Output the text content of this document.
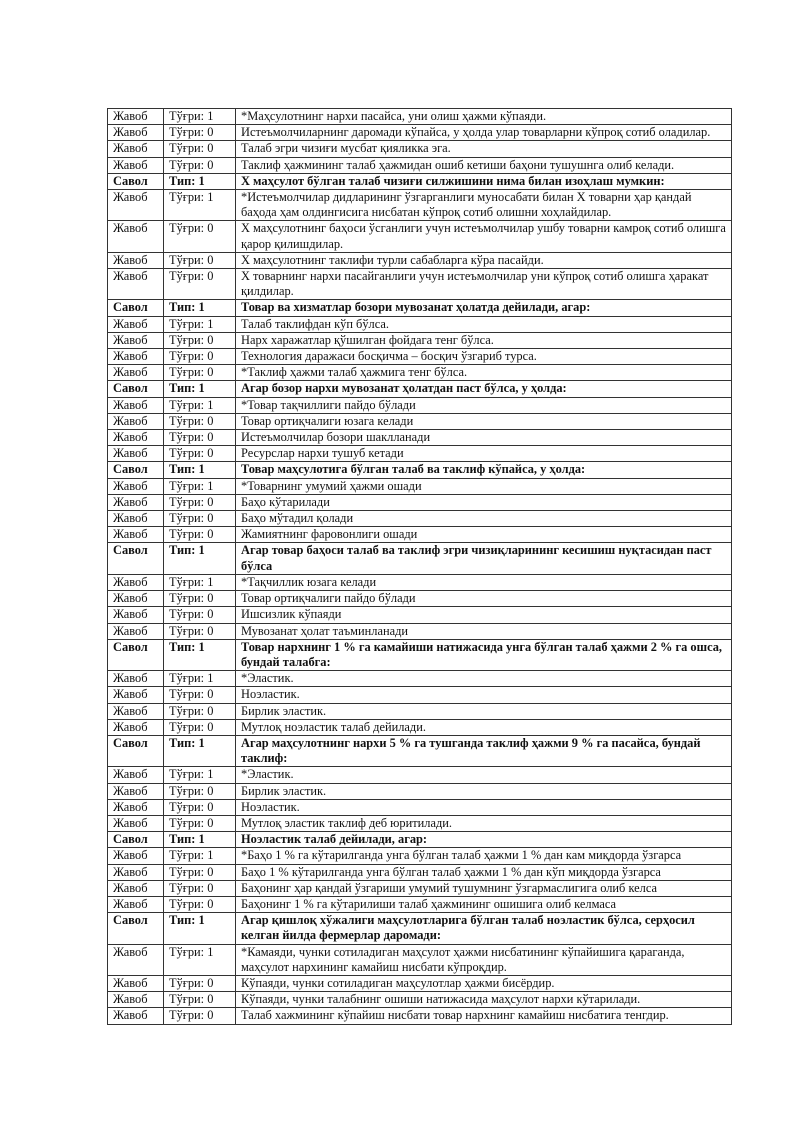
Жавоб	Тўғри: 1	*Маҳсулотнинг нархи пасайса, уни олиш ҳажми кўпаяди.
Жавоб	Тўғри: 0	Истеъмолчиларнинг даромади кўпайса, у ҳолда улар товарларни кўпроқ сотиб оладилар.
Жавоб	Тўғри: 0	Талаб эгри чизиғи мусбат қияликка эга.
Жавоб	Тўғри: 0	Таклиф ҳажмининг талаб ҳажмидан ошиб кетиши баҳони тушушнга олиб келади.
Савол	Тип: 1	Х маҳсулот бўлган талаб чизиғи силжишини нима билан изоҳлаш мумкин:
Жавоб	Тўғри: 1	*Истеъмолчилар дидларининг ўзгарганлиги муносабати билан Х товарни ҳар қандай баҳода ҳам олдингисига нисбатан кўпроқ сотиб олишни хоҳлайдилар.
Жавоб	Тўғри: 0	Х маҳсулотнинг баҳоси ўсганлиги учун истеъмолчилар ушбу товарни камроқ сотиб олишга қарор қилишдилар.
Жавоб	Тўғри: 0	Х маҳсулотнинг таклифи турли сабабларга кўра пасайди.
Жавоб	Тўғри: 0	Х товарнинг нархи пасайганлиги учун истеъмолчилар уни кўпроқ сотиб олишга ҳаракат қилдилар.
Савол	Тип: 1	Товар ва хизматлар бозори мувозанат ҳолатда дейилади, агар:
Жавоб	Тўғри: 1	Талаб таклифдан кўп бўлса.
Жавоб	Тўғри: 0	Нарх харажатлар қўшилган фойдага тенг бўлса.
Жавоб	Тўғри: 0	Технология даражаси босқичма – босқич ўзгариб турса.
Жавоб	Тўғри: 0	*Таклиф ҳажми талаб ҳажмига тенг бўлса.
Савол	Тип: 1	Агар бозор нархи мувозанат ҳолатдан паст бўлса, у ҳолда:
Жавоб	Тўғри: 1	*Товар тақчиллиги пайдо бўлади
Жавоб	Тўғри: 0	Товар ортиқчалиги юзага келади
Жавоб	Тўғри: 0	Истеъмолчилар бозори шаклланади
Жавоб	Тўғри: 0	Ресурслар нархи тушуб кетади
Савол	Тип: 1	Товар маҳсулотига бўлган талаб ва таклиф кўпайса, у ҳолда:
Жавоб	Тўғри: 1	*Товарнинг умумий ҳажми ошади
Жавоб	Тўғри: 0	Баҳо кўтарилади
Жавоб	Тўғри: 0	Баҳо мўтадил қолади
Жавоб	Тўғри: 0	Жамиятнинг фаровонлиги ошади
Савол	Тип: 1	Агар товар баҳоси талаб ва таклиф эгри чизиқларининг кесишиш нуқтасидан паст бўлса
Жавоб	Тўғри: 1	*Тақчиллик юзага келади
Жавоб	Тўғри: 0	Товар ортиқчалиги пайдо бўлади
Жавоб	Тўғри: 0	Ишсизлик кўпаяди
Жавоб	Тўғри: 0	Мувозанат ҳолат таъминланади
Савол	Тип: 1	Товар нархнинг 1 % га камайиши натижасида унга бўлган талаб ҳажми 2 % га ошса, бундай талабга:
Жавоб	Тўғри: 1	*Эластик.
Жавоб	Тўғри: 0	Ноэластик.
Жавоб	Тўғри: 0	Бирлик эластик.
Жавоб	Тўғри: 0	Мутлоқ ноэластик талаб дейилади.
Савол	Тип: 1	Агар маҳсулотнинг нархи 5 % га тушганда таклиф ҳажми 9 % га пасайса, бундай таклиф:
Жавоб	Тўғри: 1	*Эластик.
Жавоб	Тўғри: 0	Бирлик эластик.
Жавоб	Тўғри: 0	Ноэластик.
Жавоб	Тўғри: 0	Мутлоқ эластик таклиф деб юритилади.
Савол	Тип: 1	Ноэластик талаб дейилади, агар:
Жавоб	Тўғри: 1	*Баҳо 1 % га кўтарилганда унга бўлган талаб ҳажми 1 % дан кам миқдорда ўзгарса
Жавоб	Тўғри: 0	Баҳо 1 % кўтарилганда унга бўлган талаб ҳажми 1 % дан кўп миқдорда ўзгарса
Жавоб	Тўғри: 0	Баҳонинг ҳар қандай ўзгариши умумий тушумнинг ўзгармаслигига олиб келса
Жавоб	Тўғри: 0	Баҳонинг 1 % га кўтарилиши талаб ҳажмининг ошишига олиб келмаса
Савол	Тип: 1	Агар қишлоқ хўжалиги маҳсулотларига бўлган талаб ноэластик бўлса, серҳосил келган йилда фермерлар даромади:
Жавоб	Тўғри: 1	*Камаяди, чунки сотиладиган маҳсулот ҳажми нисбатининг кўпайишига қараганда, маҳсулот нархининг камайиш нисбати кўпроқдир.
Жавоб	Тўғри: 0	Кўпаяди, чунки сотиладиган маҳсулотлар ҳажми бисёрдир.
Жавоб	Тўғри: 0	Кўпаяди, чунки талабнинг ошиши натижасида маҳсулот нархи кўтарилади.
Жавоб	Тўғри: 0	Талаб хажмининг кўпайиш нисбати товар нархнинг камайиш нисбатига тенгдир.
